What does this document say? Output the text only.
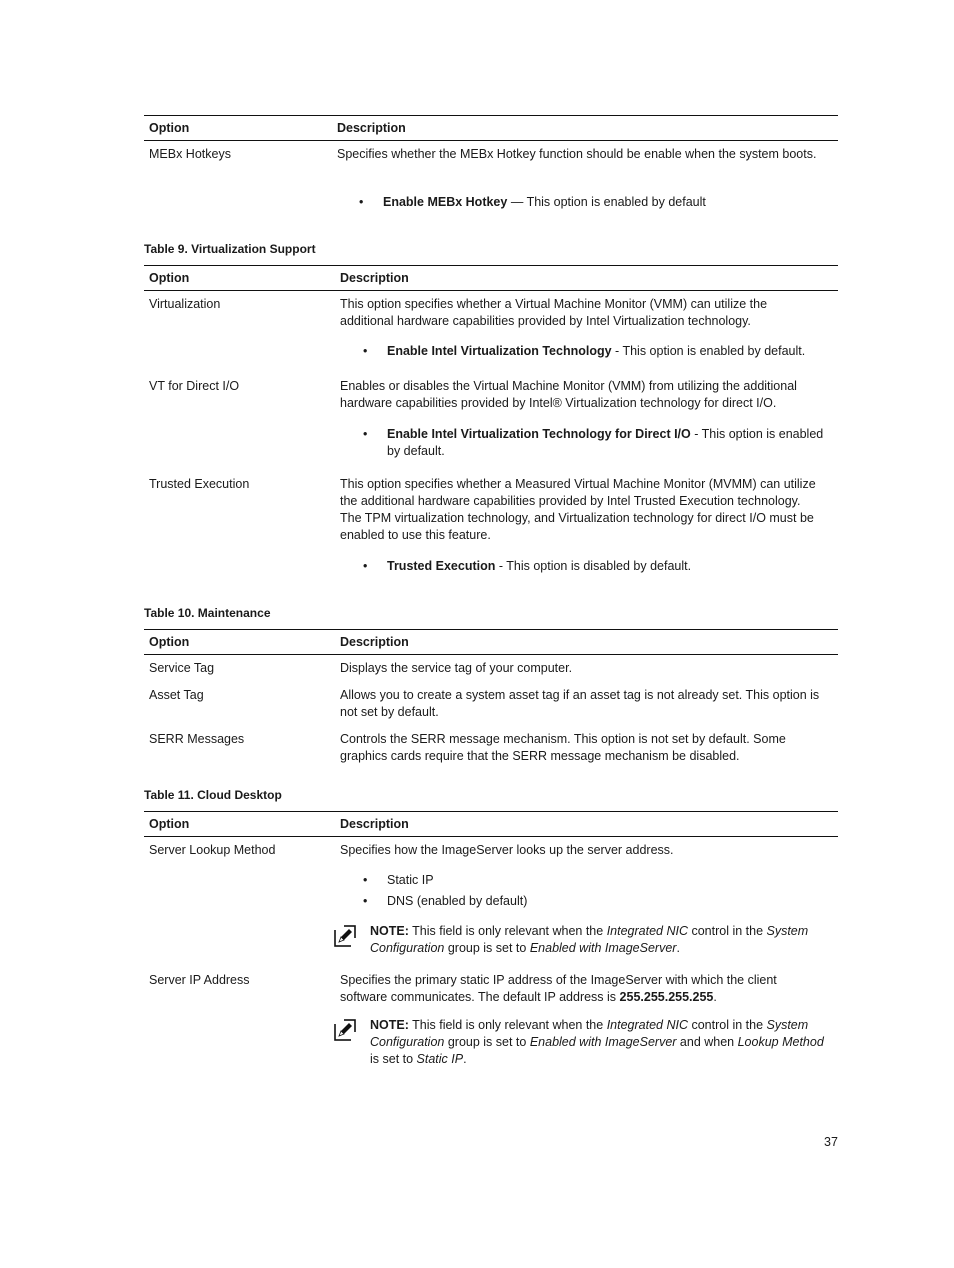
Option	Description
MEBx Hotkeys	Specifies whether the MEBx Hotkey function should be enable when the system boots.
• Enable MEBx Hotkey — This option is enabled by default
Table 9. Virtualization Support
Option	Description
Virtualization	This option specifies whether a Virtual Machine Monitor (VMM) can utilize the additional hardware capabilities provided by Intel Virtualization technology.
• Enable Intel Virtualization Technology - This option is enabled by default.
VT for Direct I/O	Enables or disables the Virtual Machine Monitor (VMM) from utilizing the additional hardware capabilities provided by Intel® Virtualization technology for direct I/O.
• Enable Intel Virtualization Technology for Direct I/O - This option is enabled by default.
Trusted Execution	This option specifies whether a Measured Virtual Machine Monitor (MVMM) can utilize the additional hardware capabilities provided by Intel Trusted Execution technology. The TPM virtualization technology, and Virtualization technology for direct I/O must be enabled to use this feature.
• Trusted Execution - This option is disabled by default.
Table 10. Maintenance
Option	Description
Service Tag	Displays the service tag of your computer.
Asset Tag	Allows you to create a system asset tag if an asset tag is not already set. This option is not set by default.
SERR Messages	Controls the SERR message mechanism. This option is not set by default. Some graphics cards require that the SERR message mechanism be disabled.
Table 11. Cloud Desktop
Option	Description
Server Lookup Method	Specifies how the ImageServer looks up the server address.
• Static IP
• DNS (enabled by default)
NOTE: This field is only relevant when the Integrated NIC control in the System Configuration group is set to Enabled with ImageServer.
Server IP Address	Specifies the primary static IP address of the ImageServer with which the client software communicates. The default IP address is 255.255.255.255.
NOTE: This field is only relevant when the Integrated NIC control in the System Configuration group is set to Enabled with ImageServer and when Lookup Method is set to Static IP.
37
